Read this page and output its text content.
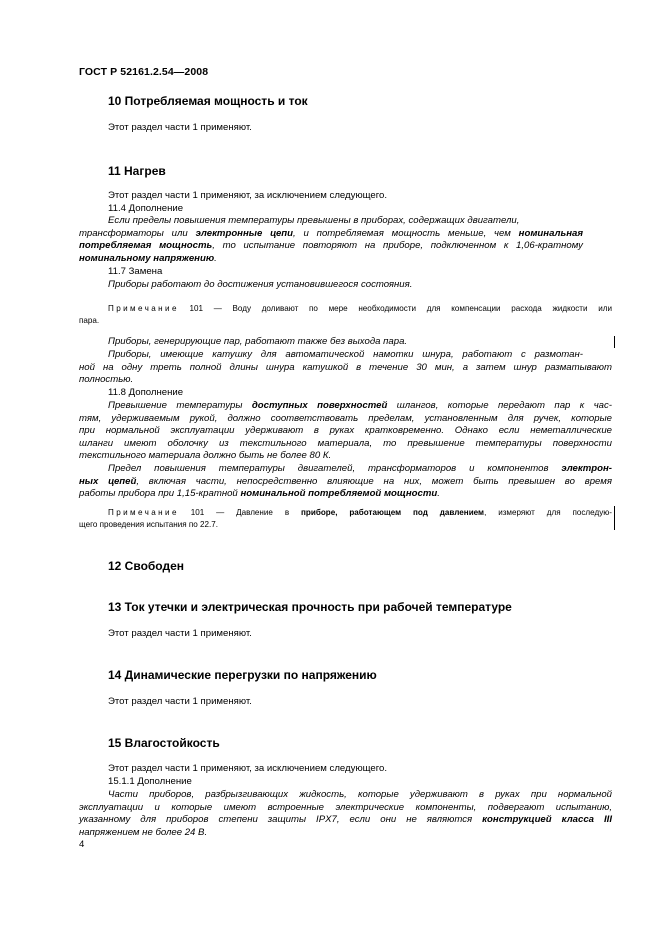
ГОСТ Р 52161.2.54—2008
10 Потребляемая мощность и ток
Этот раздел части 1 применяют.
11 Нагрев
Этот раздел части 1 применяют, за исключением следующего.
11.4 Дополнение
Если пределы повышения температуры превышены в приборах, содержащих двигатели,
трансформаторы или электронные цепи, и потребляемая мощность меньше, чем номинальная
потребляемая мощность, то испытание повторяют на приборе, подключенном к 1,06-кратному
номинальному напряжению.
11.7 Замена
Приборы работают до достижения установившегося состояния.
Примечание 101 — Воду доливают по мере необходимости для компенсации расхода жидкости или
пара.
Приборы, генерирующие пар, работают также без выхода пара.
Приборы, имеющие катушку для автоматической намотки шнура, работают с размотан-
ной на одну треть полной длины шнура катушкой в течение 30 мин, а затем шнур разматывают
полностью.
11.8 Дополнение
Превышение температуры доступных поверхностей шлангов, которые передают пар к час-
тям, удерживаемым рукой, должно соответствовать пределам, установленным для ручек, которые
при нормальной эксплуатации удерживают в руках кратковременно. Однако если неметаллические
шланги имеют оболочку из текстильного материала, то превышение температуры поверхности
текстильного материала должно быть не более 80 К.
Предел повышения температуры двигателей, трансформаторов и компонентов электрон-
ных цепей, включая части, непосредственно влияющие на них, может быть превышен во время
работы прибора при 1,15-кратной номинальной потребляемой мощности.
Примечание 101 — Давление в приборе, работающем под давлением, измеряют для последую-
щего проведения испытания по 22.7.
12 Свободен
13 Ток утечки и электрическая прочность при рабочей температуре
Этот раздел части 1 применяют.
14 Динамические перегрузки по напряжению
Этот раздел части 1 применяют.
15 Влагостойкость
Этот раздел части 1 применяют, за исключением следующего.
15.1.1 Дополнение
Части приборов, разбрызгивающих жидкость, которые удерживают в руках при нормальной
эксплуатации и которые имеют встроенные электрические компоненты, подвергают испытанию,
указанному для приборов степени защиты IPX7, если они не являются конструкцией класса III
напряжением не более 24 В.
4
